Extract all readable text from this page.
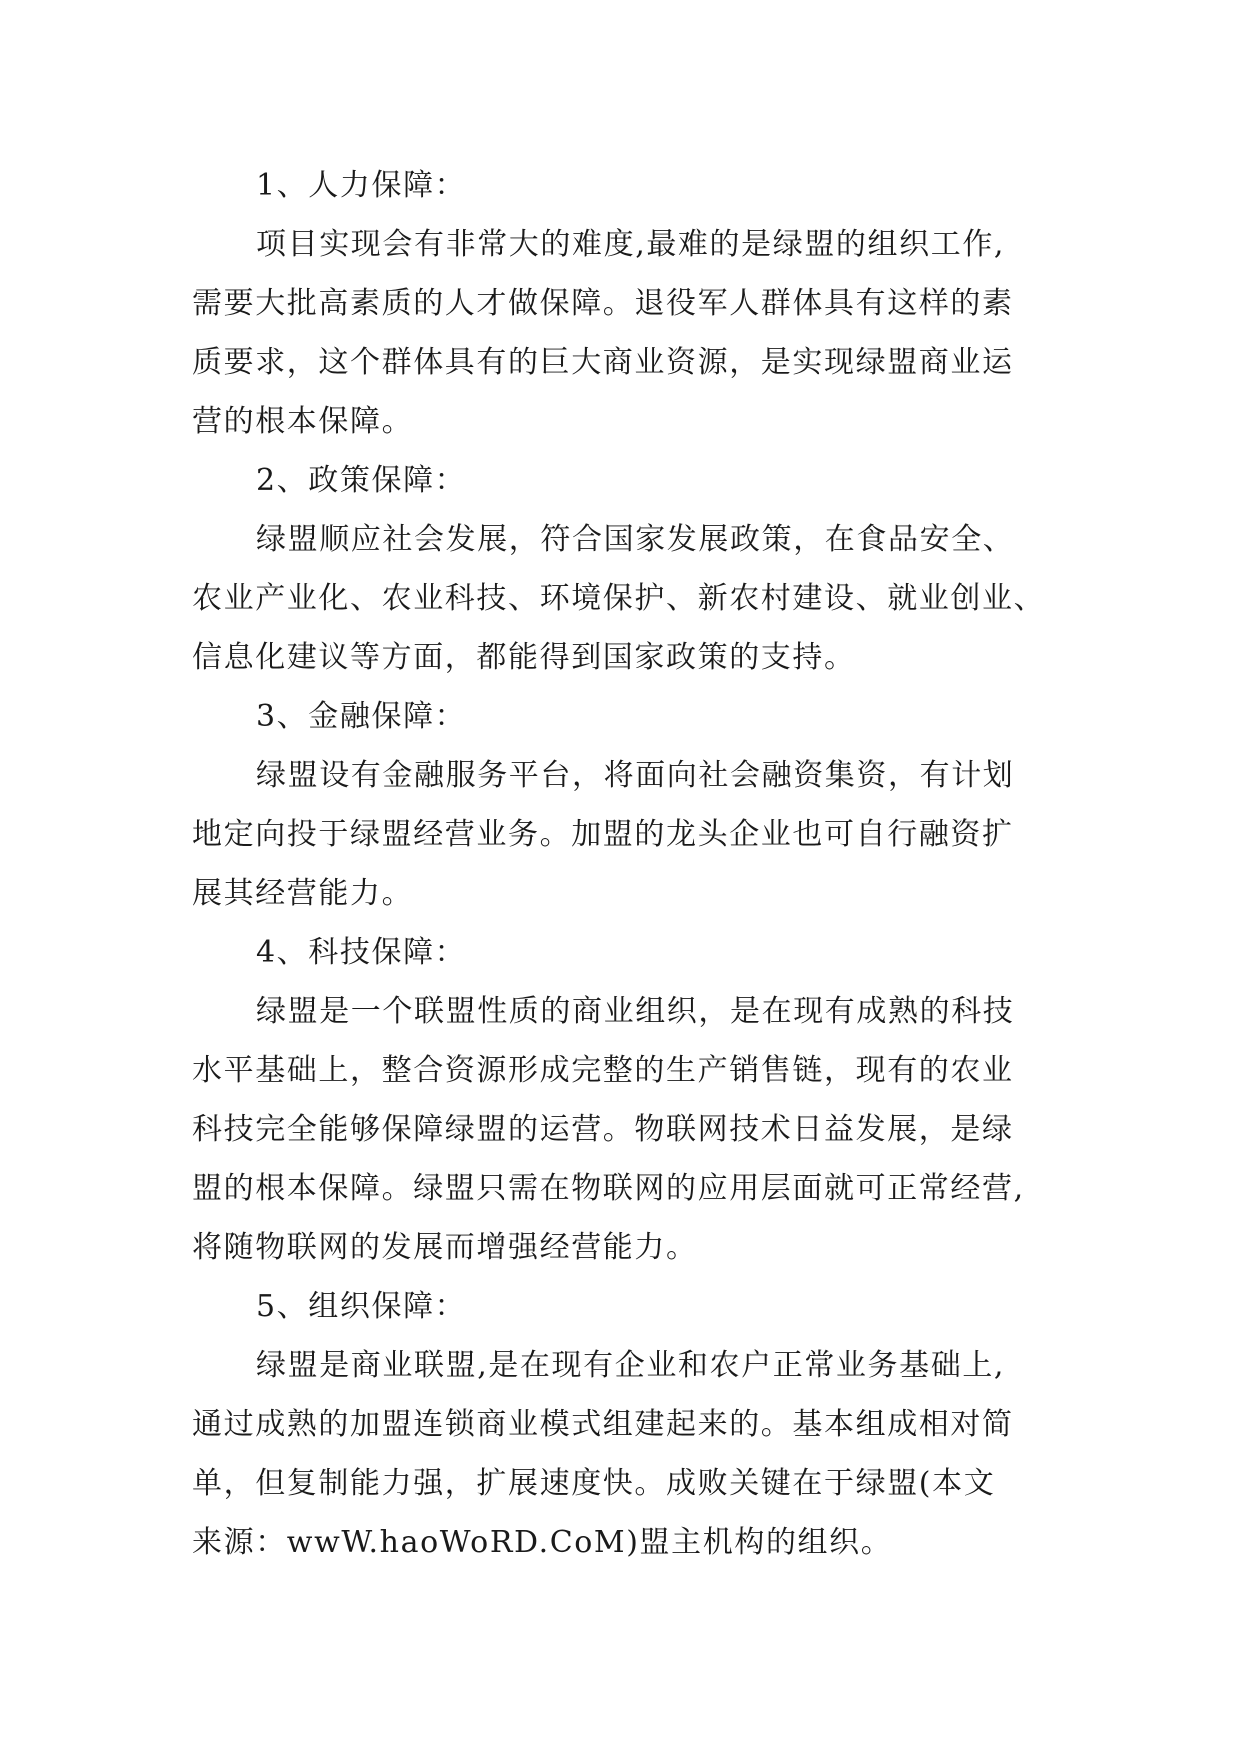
1、人力保障：

项目实现会有非常大的难度,最难的是绿盟的组织工作,

需要大批高素质的人才做保障。退役军人群体具有这样的素

质要求，这个群体具有的巨大商业资源，是实现绿盟商业运

营的根本保障。

2、政策保障：

绿盟顺应社会发展，符合国家发展政策，在食品安全、

农业产业化、农业科技、环境保护、新农村建设、就业创业、

信息化建议等方面，都能得到国家政策的支持。

3、金融保障：

绿盟设有金融服务平台，将面向社会融资集资，有计划

地定向投于绿盟经营业务。加盟的龙头企业也可自行融资扩

展其经营能力。

4、科技保障：

绿盟是一个联盟性质的商业组织，是在现有成熟的科技

水平基础上，整合资源形成完整的生产销售链，现有的农业

科技完全能够保障绿盟的运营。物联网技术日益发展，是绿

盟的根本保障。绿盟只需在物联网的应用层面就可正常经营,

将随物联网的发展而增强经营能力。

5、组织保障：

绿盟是商业联盟,是在现有企业和农户正常业务基础上,

通过成熟的加盟连锁商业模式组建起来的。基本组成相对简

单，但复制能力强，扩展速度快。成败关键在于绿盟(本文

来源：wwW.haoWoRD.CoM)盟主机构的组织。
